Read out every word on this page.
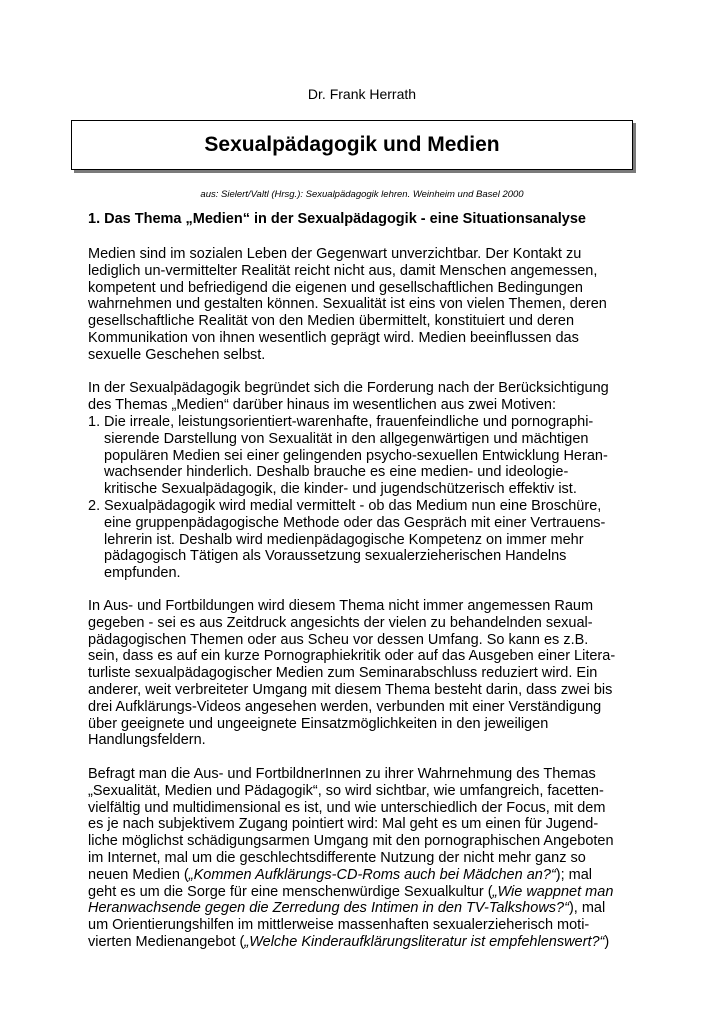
Dr. Frank Herrath
Sexualpädagogik und Medien
aus: Sielert/Valtl (Hrsg.): Sexualpädagogik lehren. Weinheim und Basel 2000
1. Das Thema „Medien“ in der Sexualpädagogik - eine Situationsanalyse
Medien sind im sozialen Leben der Gegenwart unverzichtbar. Der Kontakt zu
lediglich un-vermittelter Realität reicht nicht aus, damit Menschen angemessen,
kompetent und befriedigend die eigenen und gesellschaftlichen Bedingungen
wahrnehmen und gestalten können. Sexualität ist eins von vielen Themen, deren
gesellschaftliche Realität von den Medien übermittelt, konstituiert und deren
Kommunikation von ihnen wesentlich geprägt wird. Medien beeinflussen das
sexuelle Geschehen selbst.
In der Sexualpädagogik begründet sich die Forderung nach der Berücksichtigung
des Themas „Medien“ darüber hinaus im wesentlichen aus zwei Motiven:
1. Die irreale, leistungsorientiert-warenhafte, frauenfeindliche und pornographi-
sierende Darstellung von Sexualität in den allgegenwärtigen und mächtigen
populären Medien sei einer gelingenden psycho-sexuellen Entwicklung Heran-
wachsender hinderlich. Deshalb brauche es eine medien- und ideologie-
kritische Sexualpädagogik, die kinder- und jugendschützerisch effektiv ist.
2. Sexualpädagogik wird medial vermittelt - ob das Medium nun eine Broschüre,
eine gruppenpädagogische Methode oder das Gespräch mit einer Vertrauens-
lehrerin ist. Deshalb wird medienpädagogische Kompetenz on immer mehr
pädagogisch Tätigen als Voraussetzung sexualerzieherischen Handelns
empfunden.
In Aus- und Fortbildungen wird diesem Thema nicht immer angemessen Raum
gegeben - sei es aus Zeitdruck angesichts der vielen zu behandelnden sexual-
pädagogischen Themen oder aus Scheu vor dessen Umfang. So kann es z.B.
sein, dass es auf ein kurze Pornographiekritik oder auf das Ausgeben einer Litera-
turliste sexualpädagogischer Medien zum Seminarabschluss reduziert wird. Ein
anderer, weit verbreiteter Umgang mit diesem Thema besteht darin, dass zwei bis
drei Aufklärungs-Videos angesehen werden, verbunden mit einer Verständigung
über geeignete und ungeeignete Einsatzmöglichkeiten in den jeweiligen
Handlungsfeldern.
Befragt man die Aus- und FortbildnerInnen zu ihrer Wahrnehmung des Themas
„Sexualität, Medien und Pädagogik“, so wird sichtbar, wie umfangreich, facetten-
vielfältig und multidimensional es ist, und wie unterschiedlich der Focus, mit dem
es je nach subjektivem Zugang pointiert wird: Mal geht es um einen für Jugend-
liche möglichst schädigungsarmen Umgang mit den pornographischen Angeboten
im Internet, mal um die geschlechtsdifferente Nutzung der nicht mehr ganz so
neuen Medien („Kommen Aufklärungs-CD-Roms auch bei Mädchen an?“); mal
geht es um die Sorge für eine menschenwürdige Sexualkultur („Wie wappnet man
Heranwachsende gegen die Zerredung des Intimen in den TV-Talkshows?“), mal
um Orientierungshilfen im mittlerweise massenhaften sexualerzieherisch moti-
vierten Medienangebot („Welche Kinderaufklärungsliteratur ist empfehlenswert?“)
